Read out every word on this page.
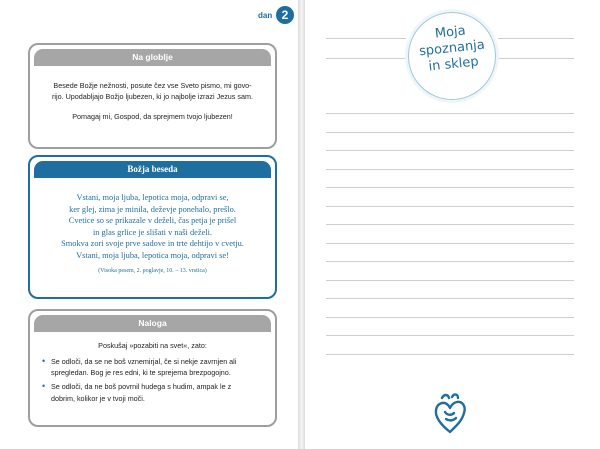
dan 2
Na globlje

Besede Božje nežnosti, posute čez vse Sveto pismo, mi govo-
rijo. Upodabljajo Božjo ljubezen, ki jo najbolje izrazi Jezus sam.

Pomagaj mi, Gospod, da sprejmem tvojo ljubezen!

Božja beseda
Vstani, moja ljuba, lepotica moja, odpravi se,
ker glej, zima je minila, deževje ponehalo, prešlo.
Cvetice so se prikazale v deželi, čas petja je prišel
in glas grlice je slišati v naši deželi.
Smokva zori svoje prve sadove in trte dehtijo v cvetju.
Vstani, moja ljuba, lepotica moja, odpravi se!
(Visoka pesem, 2. poglavje, 10. – 13. vrstica)
Naloga
Poskušaj »pozabiti na svet«, zato:
• Se odloči, da se ne boš vznemirjal, če si nekje zavrnjen ali
spregledan. Bog je res edni, ki te sprejema brezpogojno.
• Se odloči, da ne boš povrnil hudega s hudim, ampak le z
dobrim, kolikor je v tvoji moči.
Moja
spoznanja
in sklep
